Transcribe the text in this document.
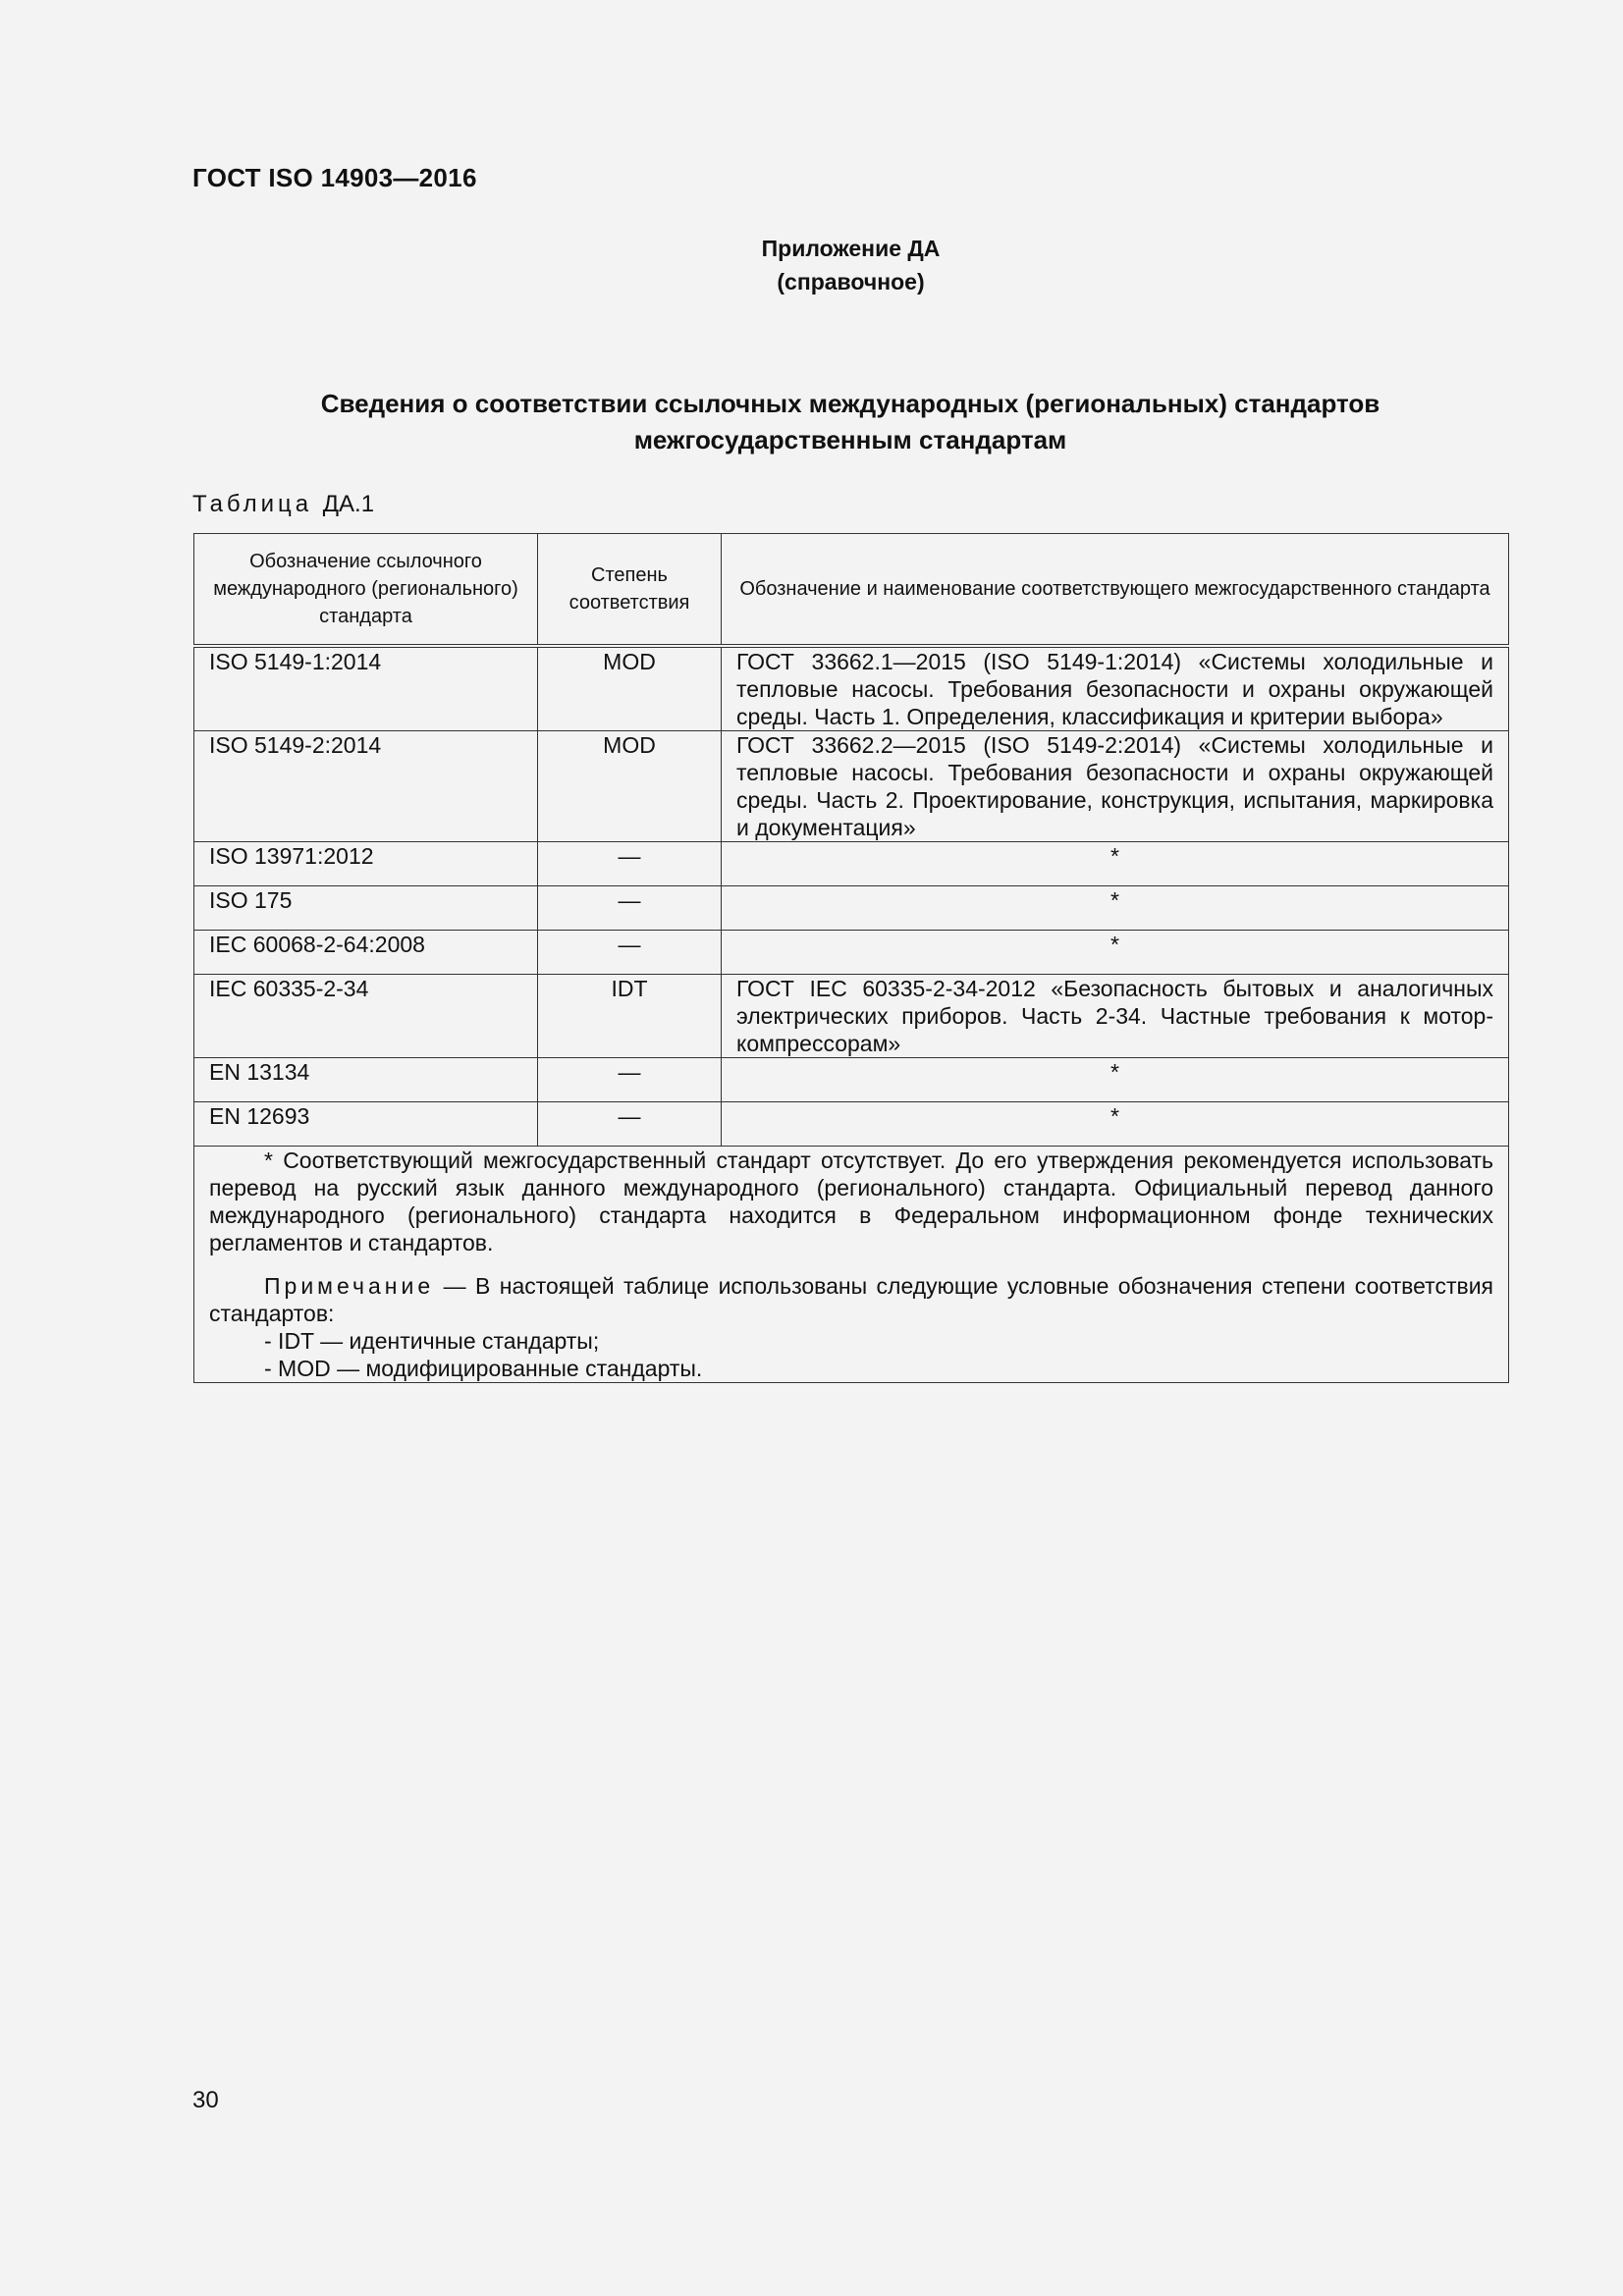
ГОСТ ISO 14903—2016
Приложение ДА
(справочное)
Сведения о соответствии ссылочных международных (региональных) стандартов
межгосударственным стандартам
Таблица ДА.1
Обозначение ссылочного международного (регионального) стандарта	Степень соответствия	Обозначение и наименование соответствующего межгосударственного стандарта
ISO 5149-1:2014	MOD	ГОСТ 33662.1—2015 (ISO 5149-1:2014) «Системы холодильные и тепловые насосы. Требования безопасности и охраны окружающей среды. Часть 1. Определения, классификация и критерии выбора»
ISO 5149-2:2014	MOD	ГОСТ 33662.2—2015 (ISO 5149-2:2014) «Системы холодильные и тепловые насосы. Требования безопасности и охраны окружающей среды. Часть 2. Проектирование, конструкция, испытания, маркировка и документация»
ISO 13971:2012	—	*
ISO 175	—	*
IEC 60068-2-64:2008	—	*
IEC 60335-2-34	IDT	ГОСТ IEC 60335-2-34-2012 «Безопасность бытовых и аналогичных электрических приборов. Часть 2-34. Частные требования к мотор-компрессорам»
EN 13134	—	*
EN 12693	—	*

* Соответствующий межгосударственный стандарт отсутствует. До его утверждения рекомендуется использовать перевод на русский язык данного международного (регионального) стандарта. Официальный перевод данного международного (регионального) стандарта находится в Федеральном информационном фонде технических регламентов и стандартов.

Примечание — В настоящей таблице использованы следующие условные обозначения степени соответствия стандартов:

- IDT — идентичные стандарты;

- MOD — модифицированные стандарты.		

30
